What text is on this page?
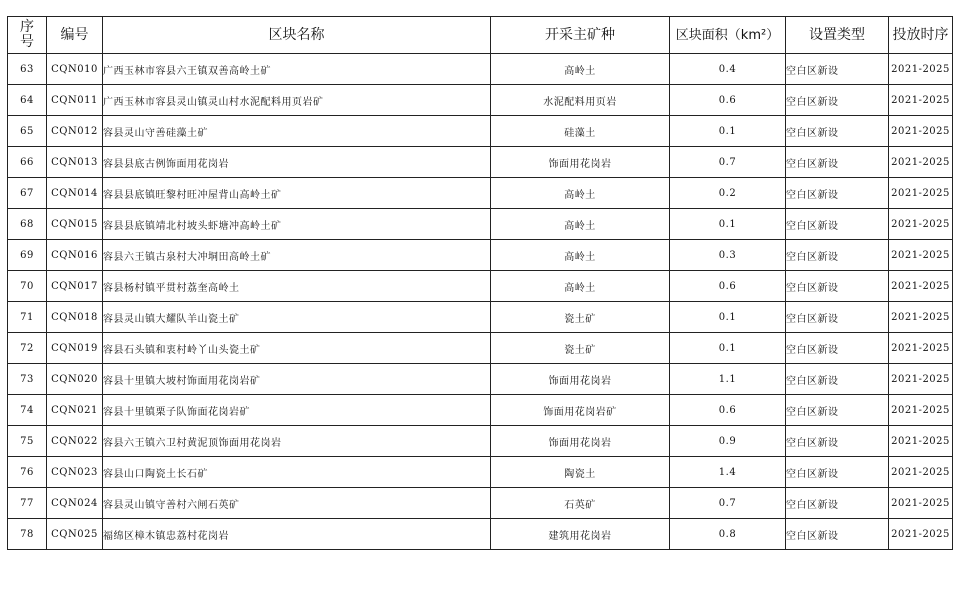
序号	编号	区块名称	开采主矿种	区块面积（km²）	设置类型	投放时序
63	CQN010	广西玉林市容县六王镇双善高岭土矿	高岭土	0.4	空白区新设	2021-2025
64	CQN011	广西玉林市容县灵山镇灵山村水泥配料用页岩矿	水泥配料用页岩	0.6	空白区新设	2021-2025
65	CQN012	容县灵山守善硅藻土矿	硅藻土	0.1	空白区新设	2021-2025
66	CQN013	容县县底古例饰面用花岗岩	饰面用花岗岩	0.7	空白区新设	2021-2025
67	CQN014	容县县底镇旺黎村旺冲屋背山高岭土矿	高岭土	0.2	空白区新设	2021-2025
68	CQN015	容县县底镇靖北村坡头虾塘冲高岭土矿	高岭土	0.1	空白区新设	2021-2025
69	CQN016	容县六王镇古泉村大冲垌田高岭土矿	高岭土	0.3	空白区新设	2021-2025
70	CQN017	容县杨村镇平贯村荔奎高岭土	高岭土	0.6	空白区新设	2021-2025
71	CQN018	容县灵山镇大耀队羊山瓷土矿	瓷土矿	0.1	空白区新设	2021-2025
72	CQN019	容县石头镇和衷村岭丫山头瓷土矿	瓷土矿	0.1	空白区新设	2021-2025
73	CQN020	容县十里镇大坡村饰面用花岗岩矿	饰面用花岗岩	1.1	空白区新设	2021-2025
74	CQN021	容县十里镇栗子队饰面花岗岩矿	饰面用花岗岩矿	0.6	空白区新设	2021-2025
75	CQN022	容县六王镇六卫村黄泥顶饰面用花岗岩	饰面用花岗岩	0.9	空白区新设	2021-2025
76	CQN023	容县山口陶瓷土长石矿	陶瓷土	1.4	空白区新设	2021-2025
77	CQN024	容县灵山镇守善村六闸石英矿	石英矿	0.7	空白区新设	2021-2025
78	CQN025	福绵区樟木镇忠荔村花岗岩	建筑用花岗岩	0.8	空白区新设	2021-2025
